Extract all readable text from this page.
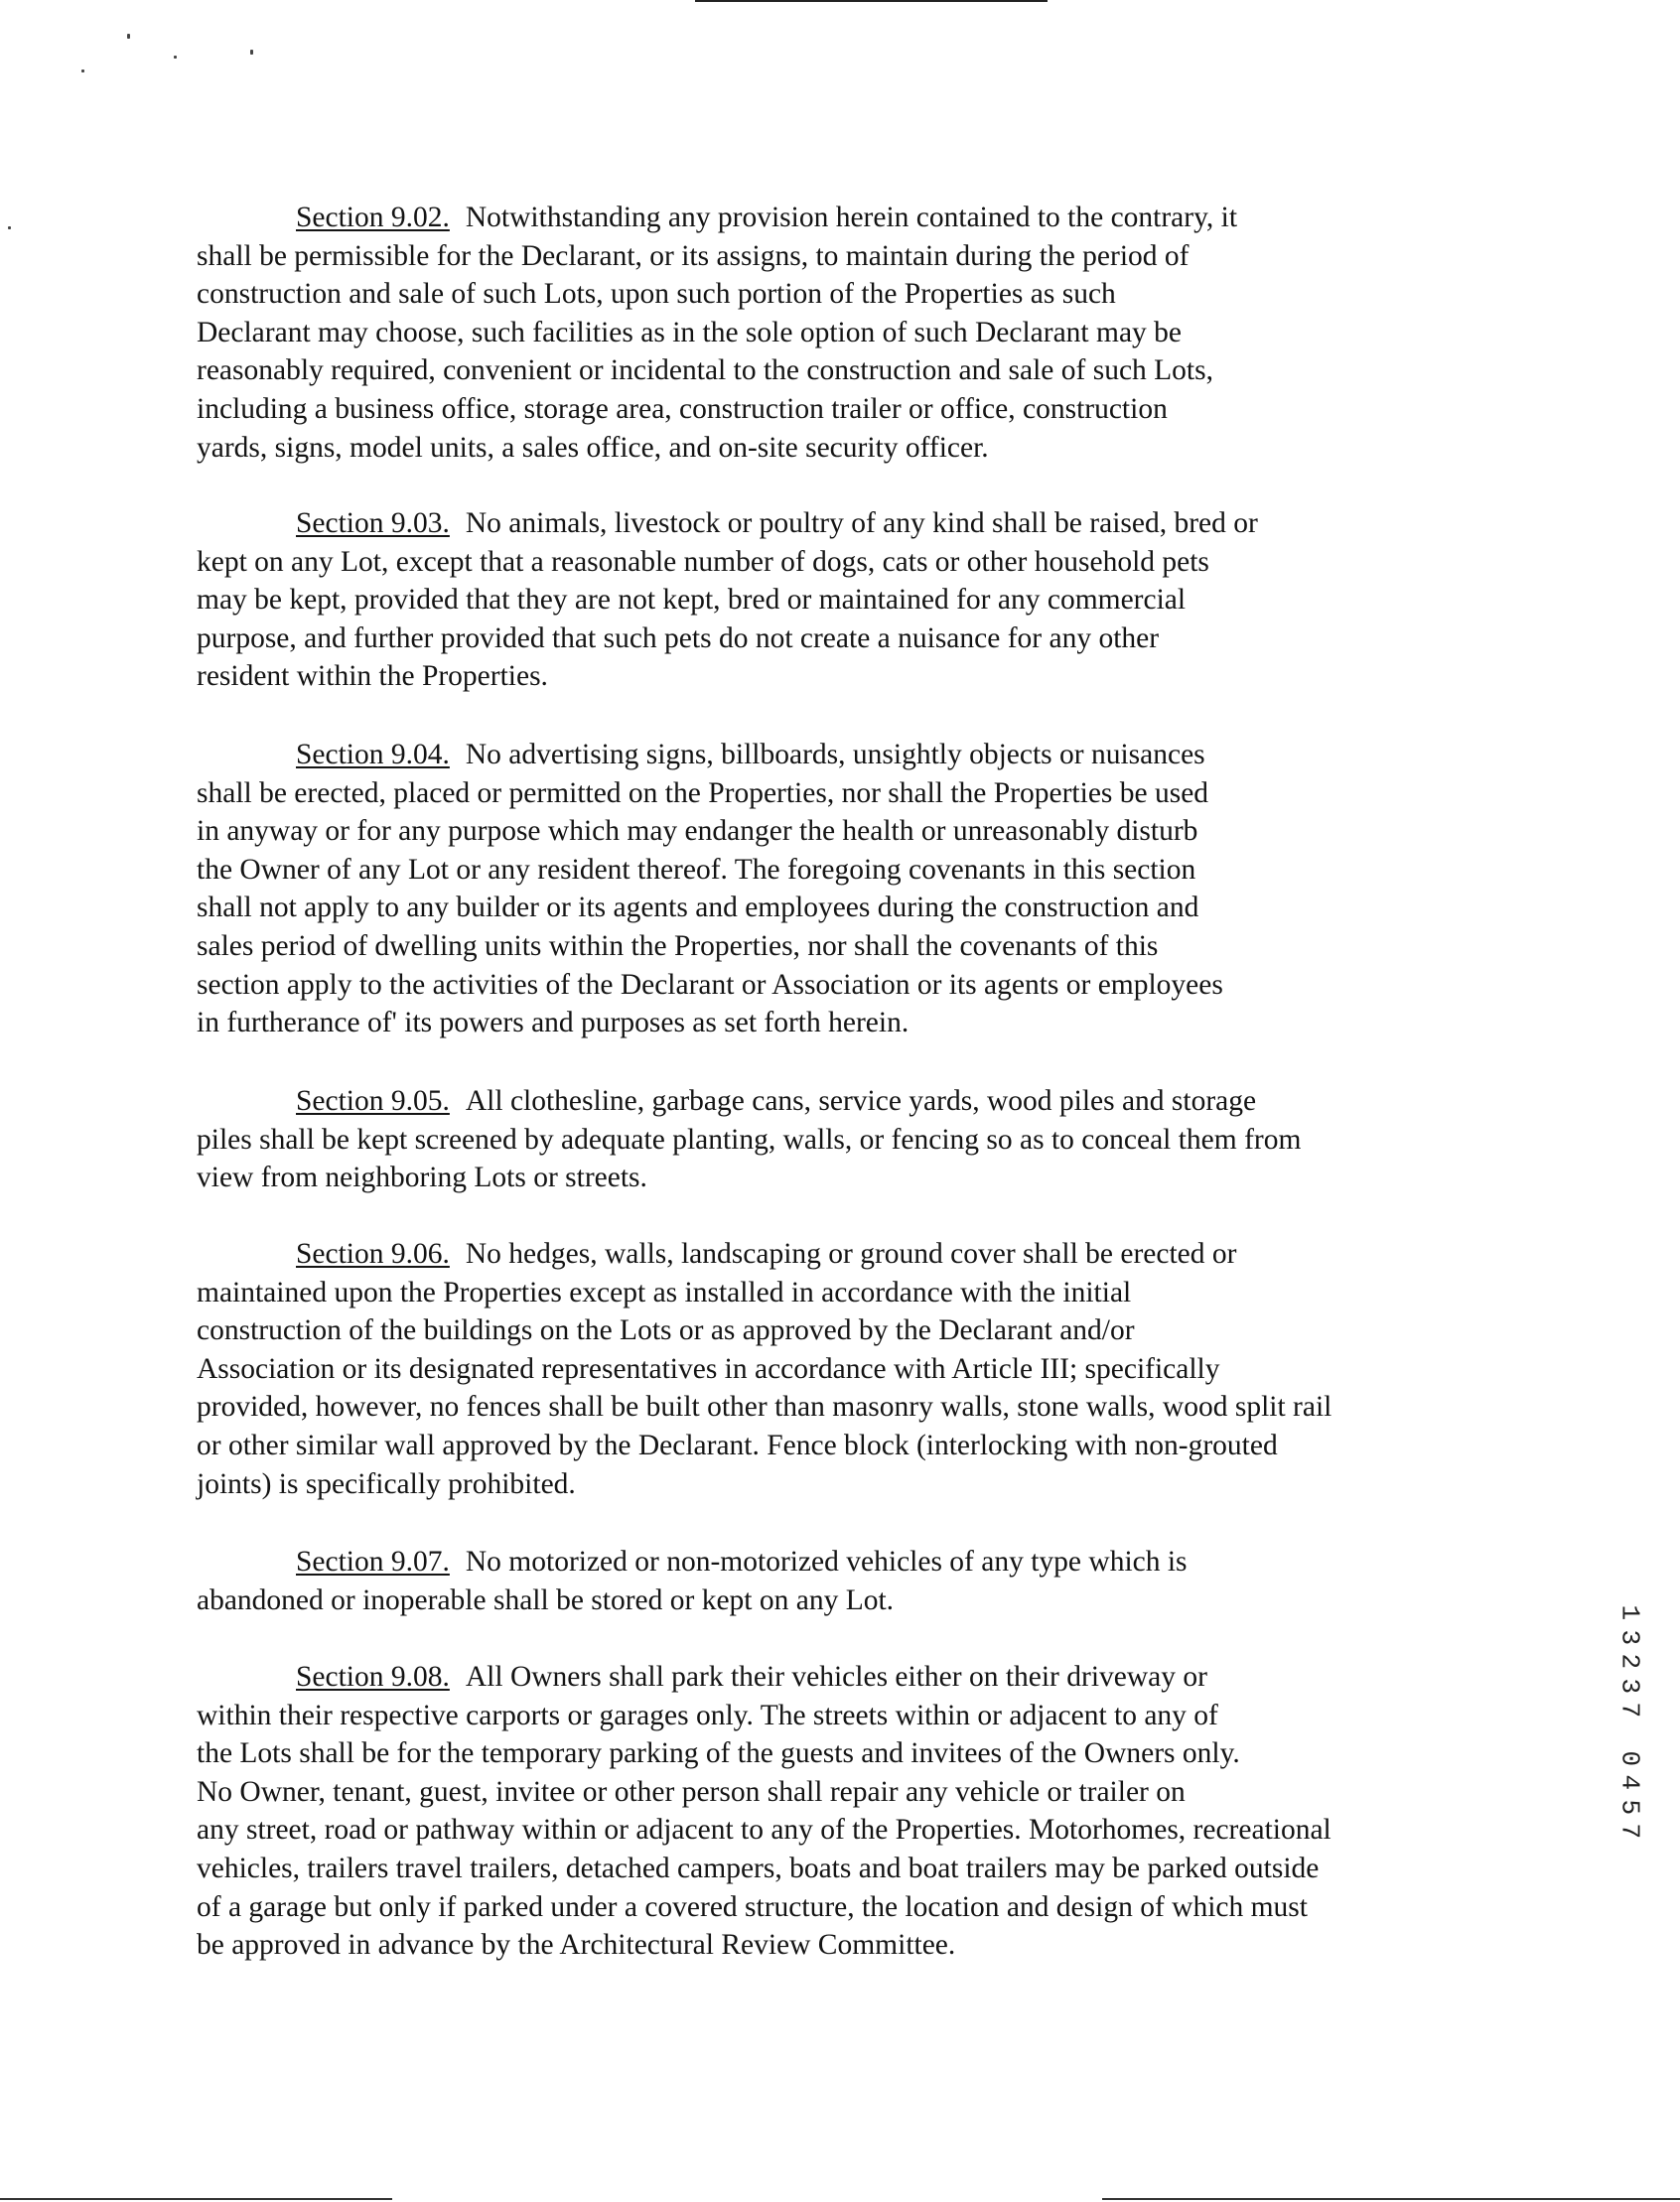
Section 9.02. Notwithstanding any provision herein contained to the contrary, it
shall be permissible for the Declarant, or its assigns, to maintain during the period of
construction and sale of such Lots, upon such portion of the Properties as such
Declarant may choose, such facilities as in the sole option of such Declarant may be
reasonably required, convenient or incidental to the construction and sale of such Lots,
including a business office, storage area, construction trailer or office, construction
yards, signs, model units, a sales office, and on-site security officer.
Section 9.03. No animals, livestock or poultry of any kind shall be raised, bred or
kept on any Lot, except that a reasonable number of dogs, cats or other household pets
may be kept, provided that they are not kept, bred or maintained for any commercial
purpose, and further provided that such pets do not create a nuisance for any other
resident within the Properties.
Section 9.04. No advertising signs, billboards, unsightly objects or nuisances
shall be erected, placed or permitted on the Properties, nor shall the Properties be used
in anyway or for any purpose which may endanger the health or unreasonably disturb
the Owner of any Lot or any resident thereof. The foregoing covenants in this section
shall not apply to any builder or its agents and employees during the construction and
sales period of dwelling units within the Properties, nor shall the covenants of this
section apply to the activities of the Declarant or Association or its agents or employees
in furtherance of' its powers and purposes as set forth herein.
Section 9.05. All clothesline, garbage cans, service yards, wood piles and storage
piles shall be kept screened by adequate planting, walls, or fencing so as to conceal them from
view from neighboring Lots or streets.
Section 9.06. No hedges, walls, landscaping or ground cover shall be erected or
maintained upon the Properties except as installed in accordance with the initial
construction of the buildings on the Lots or as approved by the Declarant and/or
Association or its designated representatives in accordance with Article III; specifically
provided, however, no fences shall be built other than masonry walls, stone walls, wood split rail
or other similar wall approved by the Declarant. Fence block (interlocking with non-grouted
joints) is specifically prohibited.
Section 9.07. No motorized or non-motorized vehicles of any type which is
abandoned or inoperable shall be stored or kept on any Lot.
Section 9.08. All Owners shall park their vehicles either on their driveway or
within their respective carports or garages only. The streets within or adjacent to any of
the Lots shall be for the temporary parking of the guests and invitees of the Owners only.
No Owner, tenant, guest, invitee or other person shall repair any vehicle or trailer on
any street, road or pathway within or adjacent to any of the Properties. Motorhomes, recreational
vehicles, trailers travel trailers, detached campers, boats and boat trailers may be parked outside
of a garage but only if parked under a covered structure, the location and design of which must
be approved in advance by the Architectural Review Committee.
1
3
2
3
7
0
4
5
7
